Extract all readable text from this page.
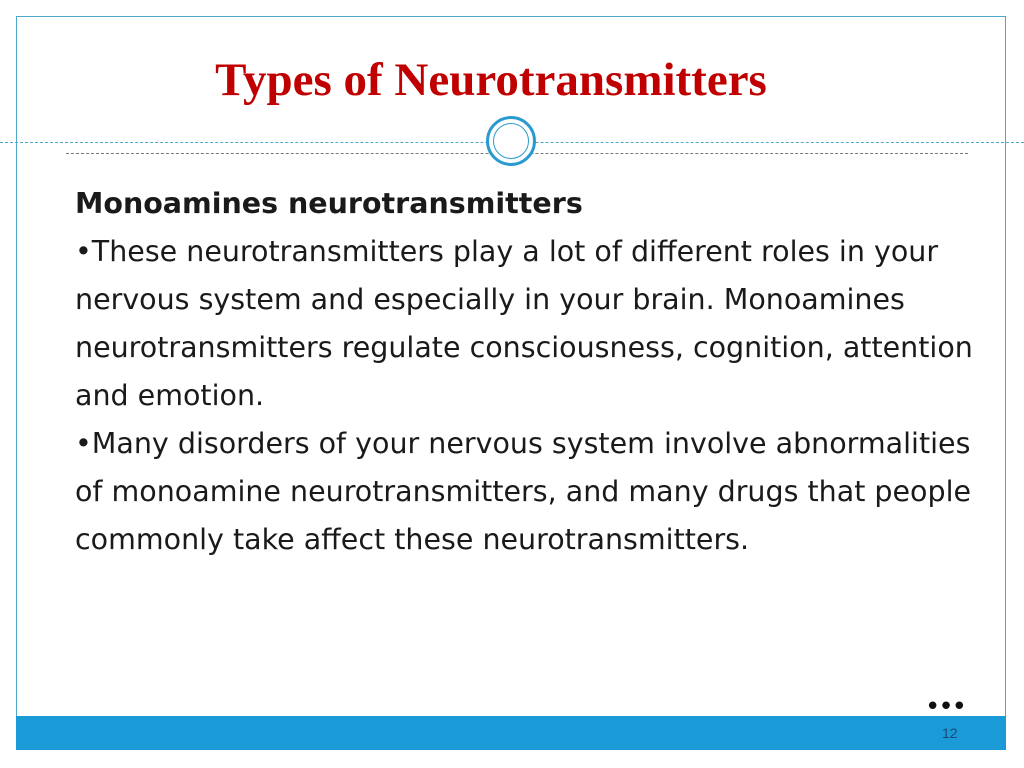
Types of Neurotransmitters

Monoamines neurotransmitters

•These neurotransmitters play a lot of different roles in your nervous system and especially in your brain. Monoamines neurotransmitters regulate consciousness, cognition, attention and emotion.

•Many disorders of your nervous system involve abnormalities of monoamine neurotransmitters, and many drugs that people commonly take affect these neurotransmitters.

•••
12
